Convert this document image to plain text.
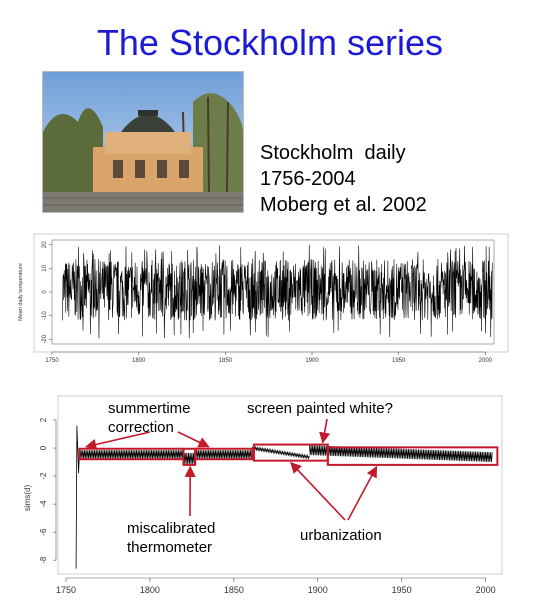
The Stockholm series
Stockholm  daily
1756-2004
Moberg et al. 2002
1750	1800	1850	1900	1950	2000
-20
-10
0
10
20
Mean daily temperature
-8
-6
-4
-2
0
2
sims(d)
1750	1800	1850	1900	1950	2000
summertime
correction
screen painted white?
miscalibrated
thermometer
urbanization
